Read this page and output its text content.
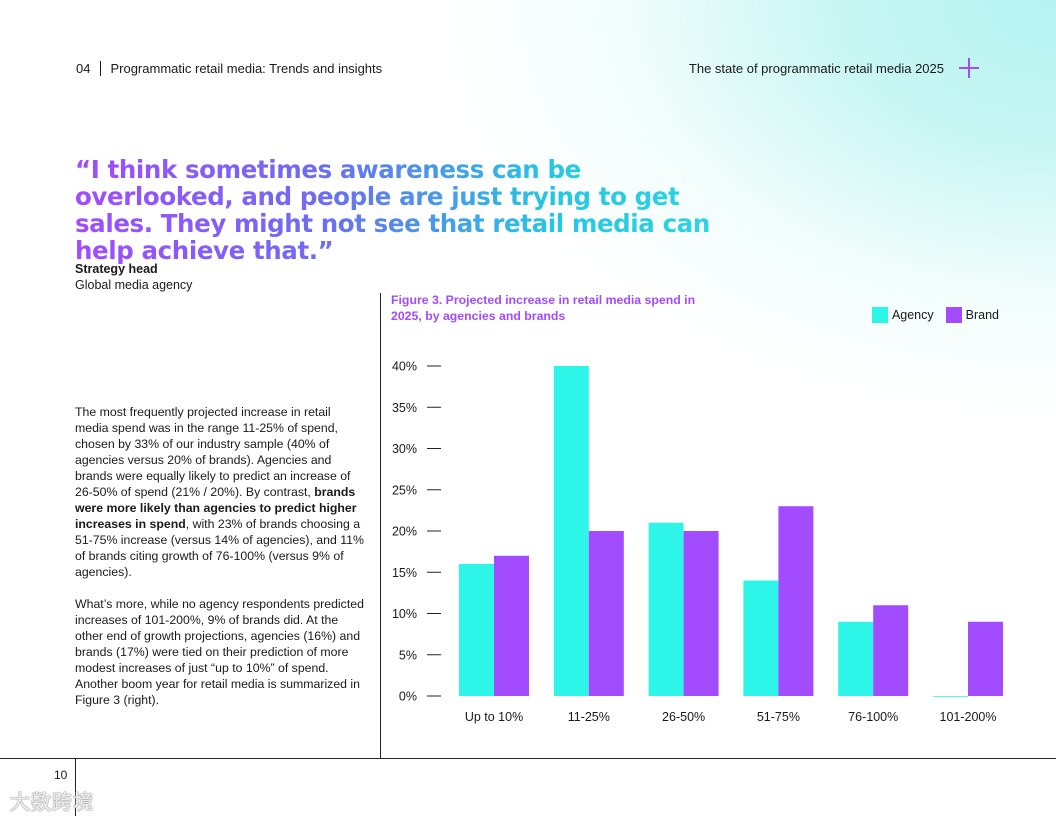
04 Programmatic retail media: Trends and insights	The state of programmatic retail media 2025

“I think sometimes awareness can be overlooked, and people are just trying to get sales. They might not see that retail media can help achieve that.”

Strategy head
Global media agency

The most frequently projected increase in retail media spend was in the range 11-25% of spend, chosen by 33% of our industry sample (40% of agencies versus 20% of brands). Agencies and brands were equally likely to predict an increase of 26-50% of spend (21% / 20%). By contrast, brands were more likely than agencies to predict higher increases in spend, with 23% of brands choosing a 51-75% increase (versus 14% of agencies), and 11% of brands citing growth of 76-100% (versus 9% of agencies).

What’s more, while no agency respondents predicted increases of 101-200%, 9% of brands did. At the other end of growth projections, agencies (16%) and brands (17%) were tied on their prediction of more modest increases of just “up to 10%” of spend. Another boom year for retail media is summarized in Figure 3 (right).

10
大数跨境
Figure 3. Projected increase in retail media spend in 2025, by agencies and brands	Agency	Brand
0%
5%
10%
15%
20%
25%
30%
35%
40%
Up to 10%	11-25%	26-50%	51-75%	76-100%	101-200%
